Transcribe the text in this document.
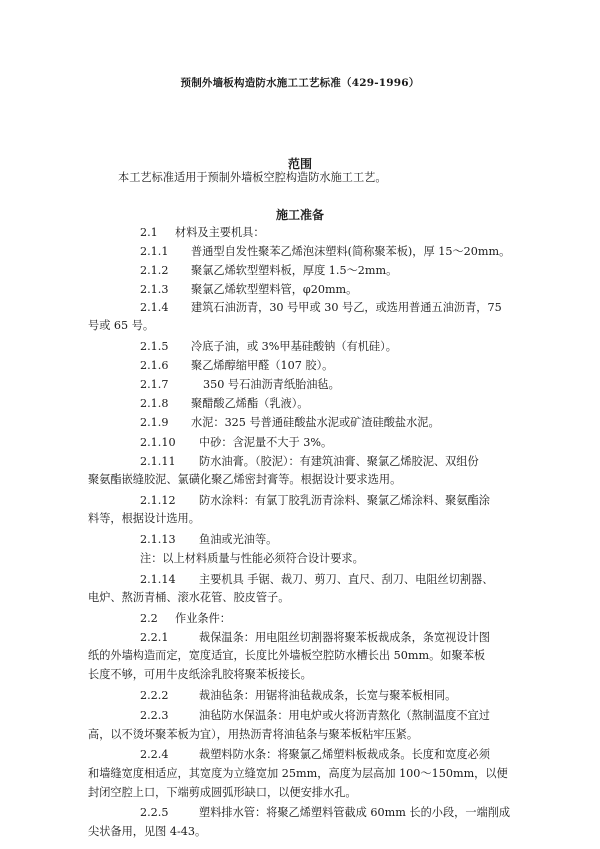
预制外墙板构造防水施工工艺标准（429-1996）
范围
本工艺标准适用于预制外墙板空腔构造防水施工工艺。
施工准备
2.1 材料及主要机具：
2.1.1 普通型自发性聚苯乙烯泡沫塑料(简称聚苯板)，厚 15～20mm。
2.1.2 聚氯乙烯软型塑料板，厚度 1.5～2mm。
2.1.3 聚氯乙烯软型塑料管，φ20mm。
2.1.4 建筑石油沥青，30 号甲或 30 号乙，或选用普通五油沥青，75
号或 65 号。
2.1.5 冷底子油，或 3%甲基硅酸钠（有机硅）。
2.1.6 聚乙烯醇缩甲醛（107 胶）。
2.1.7	350 号石油沥青纸胎油毡。
2.1.8 聚醋酸乙烯酯（乳液）。
2.1.9 水泥：325 号普通硅酸盐水泥或矿渣硅酸盐水泥。
2.1.10 中砂：含泥量不大于 3%。
2.1.11 防水油膏。（胶泥）：有建筑油膏、聚氯乙烯胶泥、双组份
聚氨酯嵌缝胶泥、氯磺化聚乙烯密封膏等。根据设计要求选用。
2.1.12 防水涂料：有氯丁胶乳沥青涂料、聚氯乙烯涂料、聚氨酯涂
料等，根据设计选用。
2.1.13 鱼油或光油等。
注：以上材料质量与性能必须符合设计要求。
2.1.14 主要机具 手锯、裁刀、剪刀、直尺、刮刀、电阻丝切割器、
电炉、熬沥青桶、滚水花管、胶皮管子。
2.2 作业条件：
2.2.1	裁保温条：用电阻丝切割器将聚苯板裁成条，条宽视设计图
纸的外墙构造而定，宽度适宜，长度比外墙板空腔防水槽长出 50mm。如聚苯板
长度不够，可用牛皮纸涂乳胶将聚苯板接长。
2.2.2	裁油毡条：用锯将油毡裁成条，长宽与聚苯板相同。
2.2.3	油毡防水保温条：用电炉或火将沥青熬化（熬制温度不宜过
高，以不烫坏聚苯板为宜），用热沥青将油毡条与聚苯板粘牢压紧。
2.2.4	裁塑料防水条：将聚氯乙烯塑料板裁成条。长度和宽度必须
和墙缝宽度相适应，其宽度为立缝宽加 25mm，高度为层高加 100～150mm，以便
封闭空腔上口，下端剪成圆弧形缺口，以便安排水孔。
2.2.5	塑料排水管：将聚乙烯塑料管截成 60mm 长的小段，一端削成
尖状备用，见图 4-43。
